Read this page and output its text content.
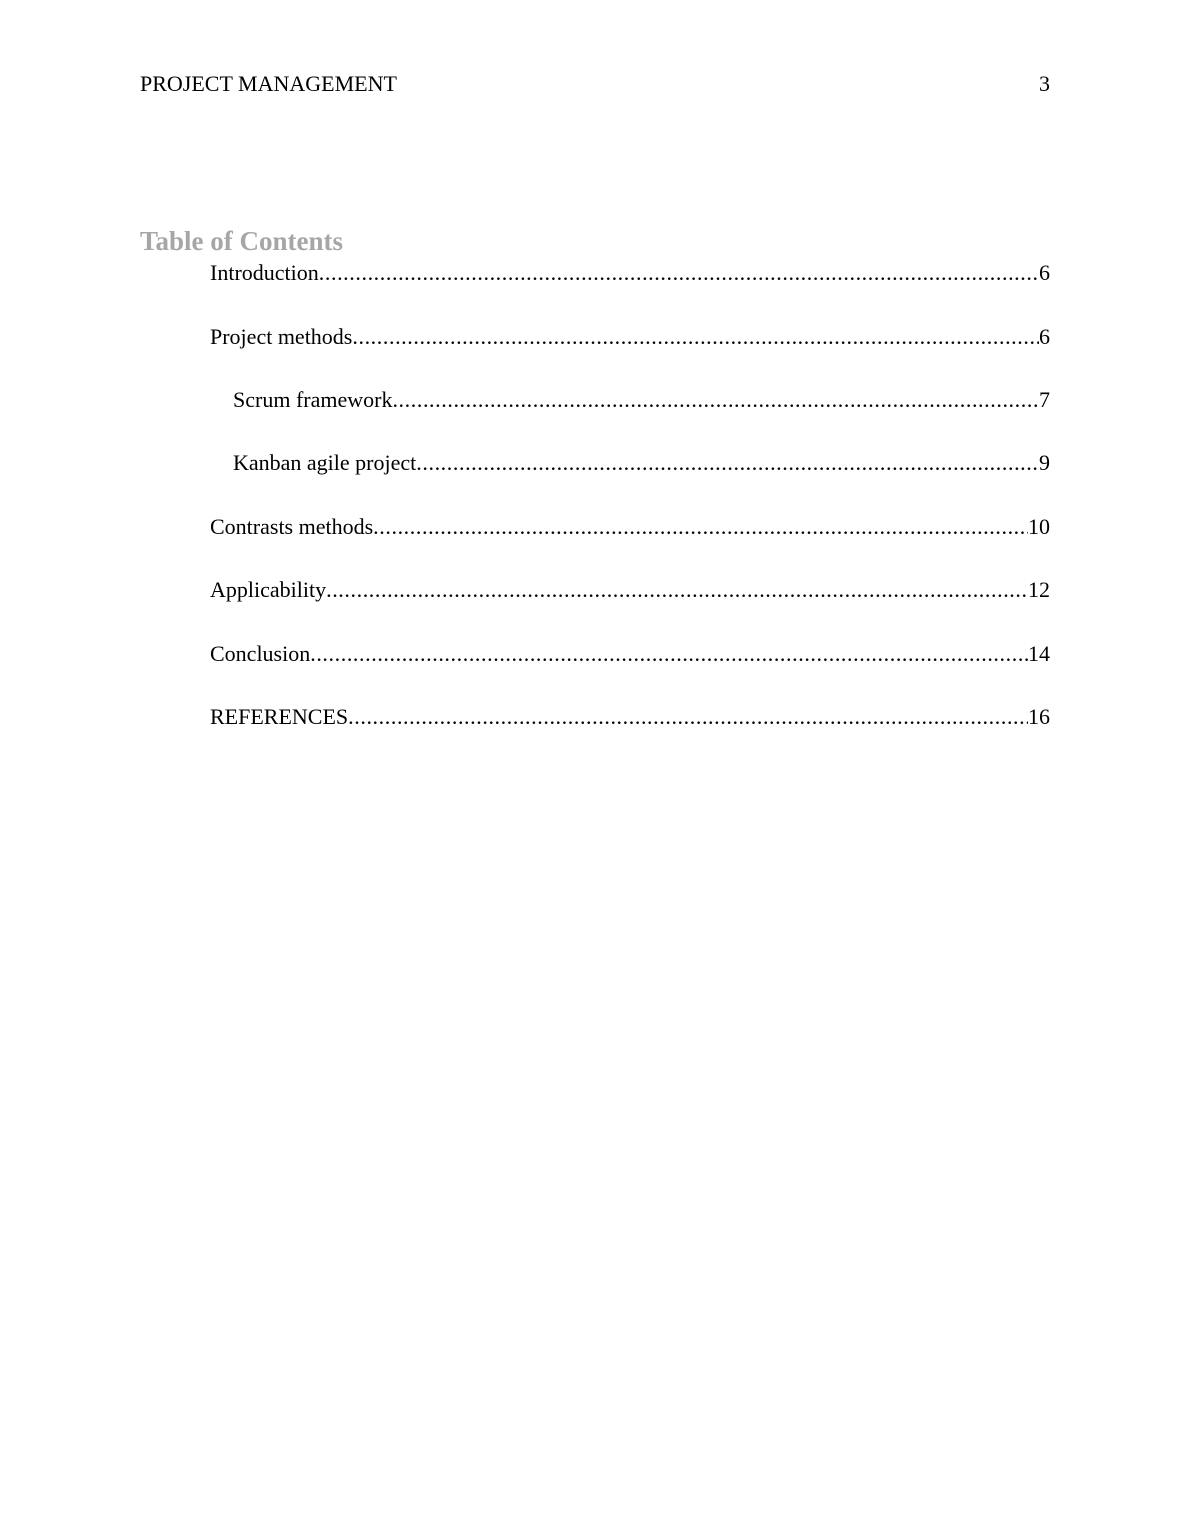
PROJECT MANAGEMENT	3
Table of Contents
Introduction .....	6
Project methods .....	6
Scrum framework .....	7
Kanban agile project .....	9
Contrasts methods .....	10
Applicability .....	12
Conclusion .....	14
REFERENCES .....	16
